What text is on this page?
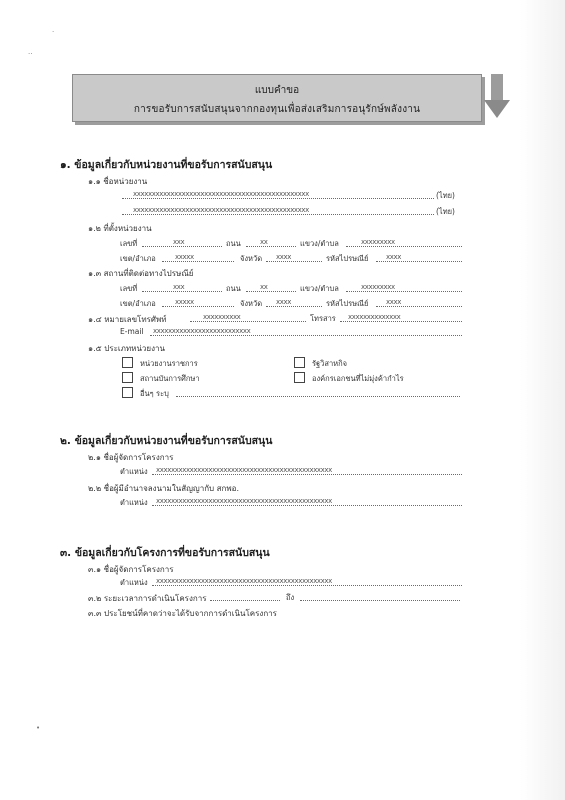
.
..
•
แบบคำขอ
การขอรับการสนับสนุนจากกองทุนเพื่อส่งเสริมการอนุรักษ์พลังงาน
๑. ข้อมูลเกี่ยวกับหน่วยงานที่ขอรับการสนับสนุน
๑.๑ ชื่อหน่วยงาน
xxxxxxxxxxxxxxxxxxxxxxxxxxxxxxxxxxxxxxxxxxxxxxx	(ไทย)
xxxxxxxxxxxxxxxxxxxxxxxxxxxxxxxxxxxxxxxxxxxxxxx	(ไทย)
๑.๒ ที่ตั้งหน่วยงาน
เลขที่	xxx	ถนน	xx	แขวง/ตำบล	xxxxxxxxx
เขต/อำเภอ	xxxxx	จังหวัด xxxx	รหัสไปรษณีย์	xxxx
๑.๓ สถานที่ติดต่อทางไปรษณีย์
เลขที่	xxx	ถนน	xx	แขวง/ตำบล	xxxxxxxxx
เขต/อำเภอ	xxxxx	จังหวัด xxxx	รหัสไปรษณีย์	xxxx
๑.๔ หมายเลขโทรศัพท์	xxxxxxxxxx	โทรสาร xxxxxxxxxxxxxx
E-mail xxxxxxxxxxxxxxxxxxxxxxxxxx
๑.๕ ประเภทหน่วยงาน
หน่วยงานราชการ	รัฐวิสาหกิจ
สถานบันการศึกษา	องค์กรเอกชนที่ไม่มุ่งค้ากำไร
อื่นๆ ระบุ
๒. ข้อมูลเกี่ยวกับหน่วยงานที่ขอรับการสนับสนุน
๒.๑ ชื่อผู้จัดการโครงการ
ตำแหน่ง xxxxxxxxxxxxxxxxxxxxxxxxxxxxxxxxxxxxxxxxxxxxxxx
๒.๒ ชื่อผู้มีอำนาจลงนามในสัญญากับ สกพอ.
ตำแหน่ง xxxxxxxxxxxxxxxxxxxxxxxxxxxxxxxxxxxxxxxxxxxxxxx
๓. ข้อมูลเกี่ยวกับโครงการที่ขอรับการสนับสนุน
๓.๑ ชื่อผู้จัดการโครงการ
ตำแหน่ง xxxxxxxxxxxxxxxxxxxxxxxxxxxxxxxxxxxxxxxxxxxxxxx
๓.๒ ระยะเวลาการดำเนินโครงการ	ถึง
๓.๓ ประโยชน์ที่คาดว่าจะได้รับจากการดำเนินโครงการ
